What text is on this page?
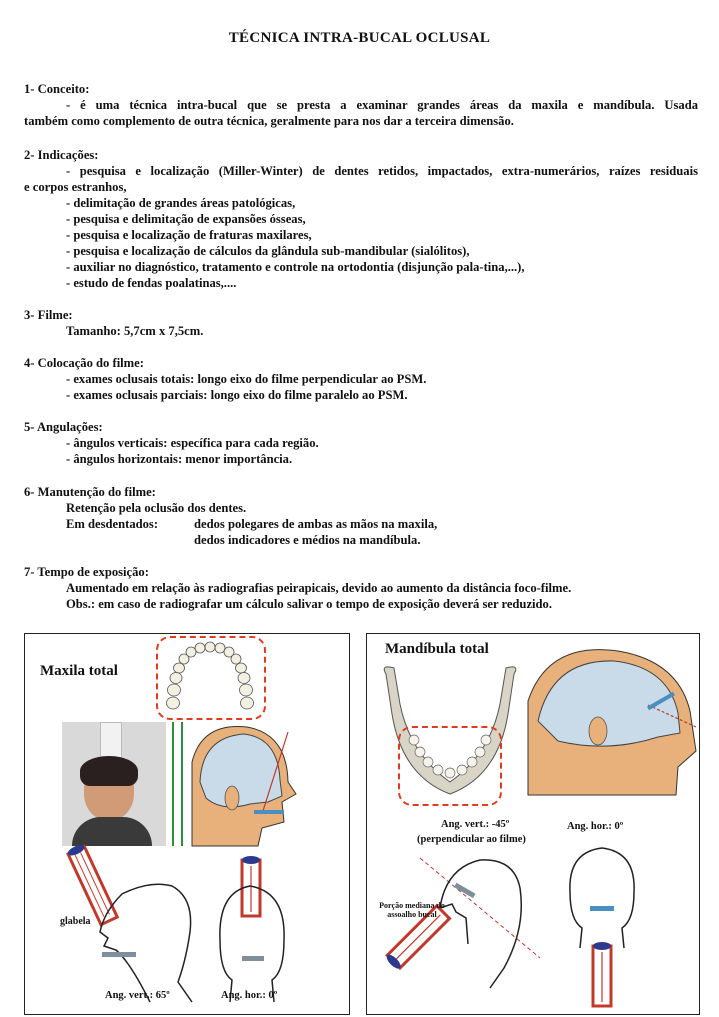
TÉCNICA INTRA-BUCAL OCLUSAL
1- Conceito:
- é uma técnica intra-bucal que se presta a examinar grandes áreas da maxila e mandíbula. Usada
também como complemento de outra técnica, geralmente para nos dar a terceira dimensão.
2- Indicações:
- pesquisa e localização (Miller-Winter) de dentes retidos, impactados, extra-numerários, raízes residuais
e corpos estranhos,
- delimitação de grandes áreas patológicas,
- pesquisa e delimitação de expansões ósseas,
- pesquisa e localização de fraturas maxilares,
- pesquisa e localização de cálculos da glândula sub-mandibular (sialólitos),
- auxiliar no diagnóstico, tratamento e controle na ortodontia (disjunção pala-tina,...),
- estudo de fendas poalatinas,....
3- Filme:
Tamanho: 5,7cm x 7,5cm.
4- Colocação do filme:
- exames oclusais totais: longo eixo do filme perpendicular ao PSM.
- exames oclusais parciais: longo eixo do filme paralelo ao PSM.
5- Angulações:
- ângulos verticais: específica para cada região.
- ângulos horizontais: menor importância.
6- Manutenção do filme:
Retenção pela oclusão dos dentes.
Em desdentados:	dedos polegares de ambas as mãos na maxila,
dedos indicadores e médios na mandíbula.
7- Tempo de exposição:
Aumentado em relação às radiografias peirapicais, devido ao aumento da distância foco-filme.
Obs.: em caso de radiografar um cálculo salivar o tempo de exposição deverá ser reduzido.
Maxila total
glabela
Ang. vert.: 65º	Ang. hor.: 0º
Mandíbula total
Ang. vert.: -45º
(perpendicular ao filme)
Ang. hor.: 0º
Porção mediana do
assoalho bucal
